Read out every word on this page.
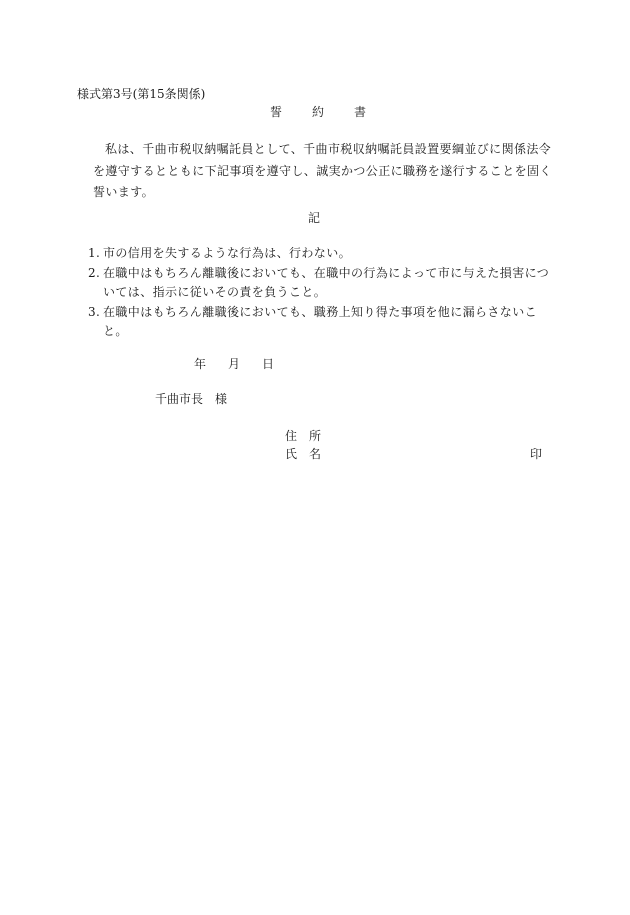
様式第3号(第15条関係)
誓	約	書
私は、千曲市税収納嘱託員として、千曲市税収納嘱託員設置要綱並びに関係法令を遵守するとともに下記事項を遵守し、誠実かつ公正に職務を遂行することを固く誓います。
記
1. 市の信用を失するような行為は、行わない。
2. 在職中はもちろん離職後においても、在職中の行為によって市に与えた損害については、指示に従いその責を負うこと。
3. 在職中はもちろん離職後においても、職務上知り得た事項を他に漏らさないこと。
年 月 日
千曲市長 様
住 所
氏 名	印
